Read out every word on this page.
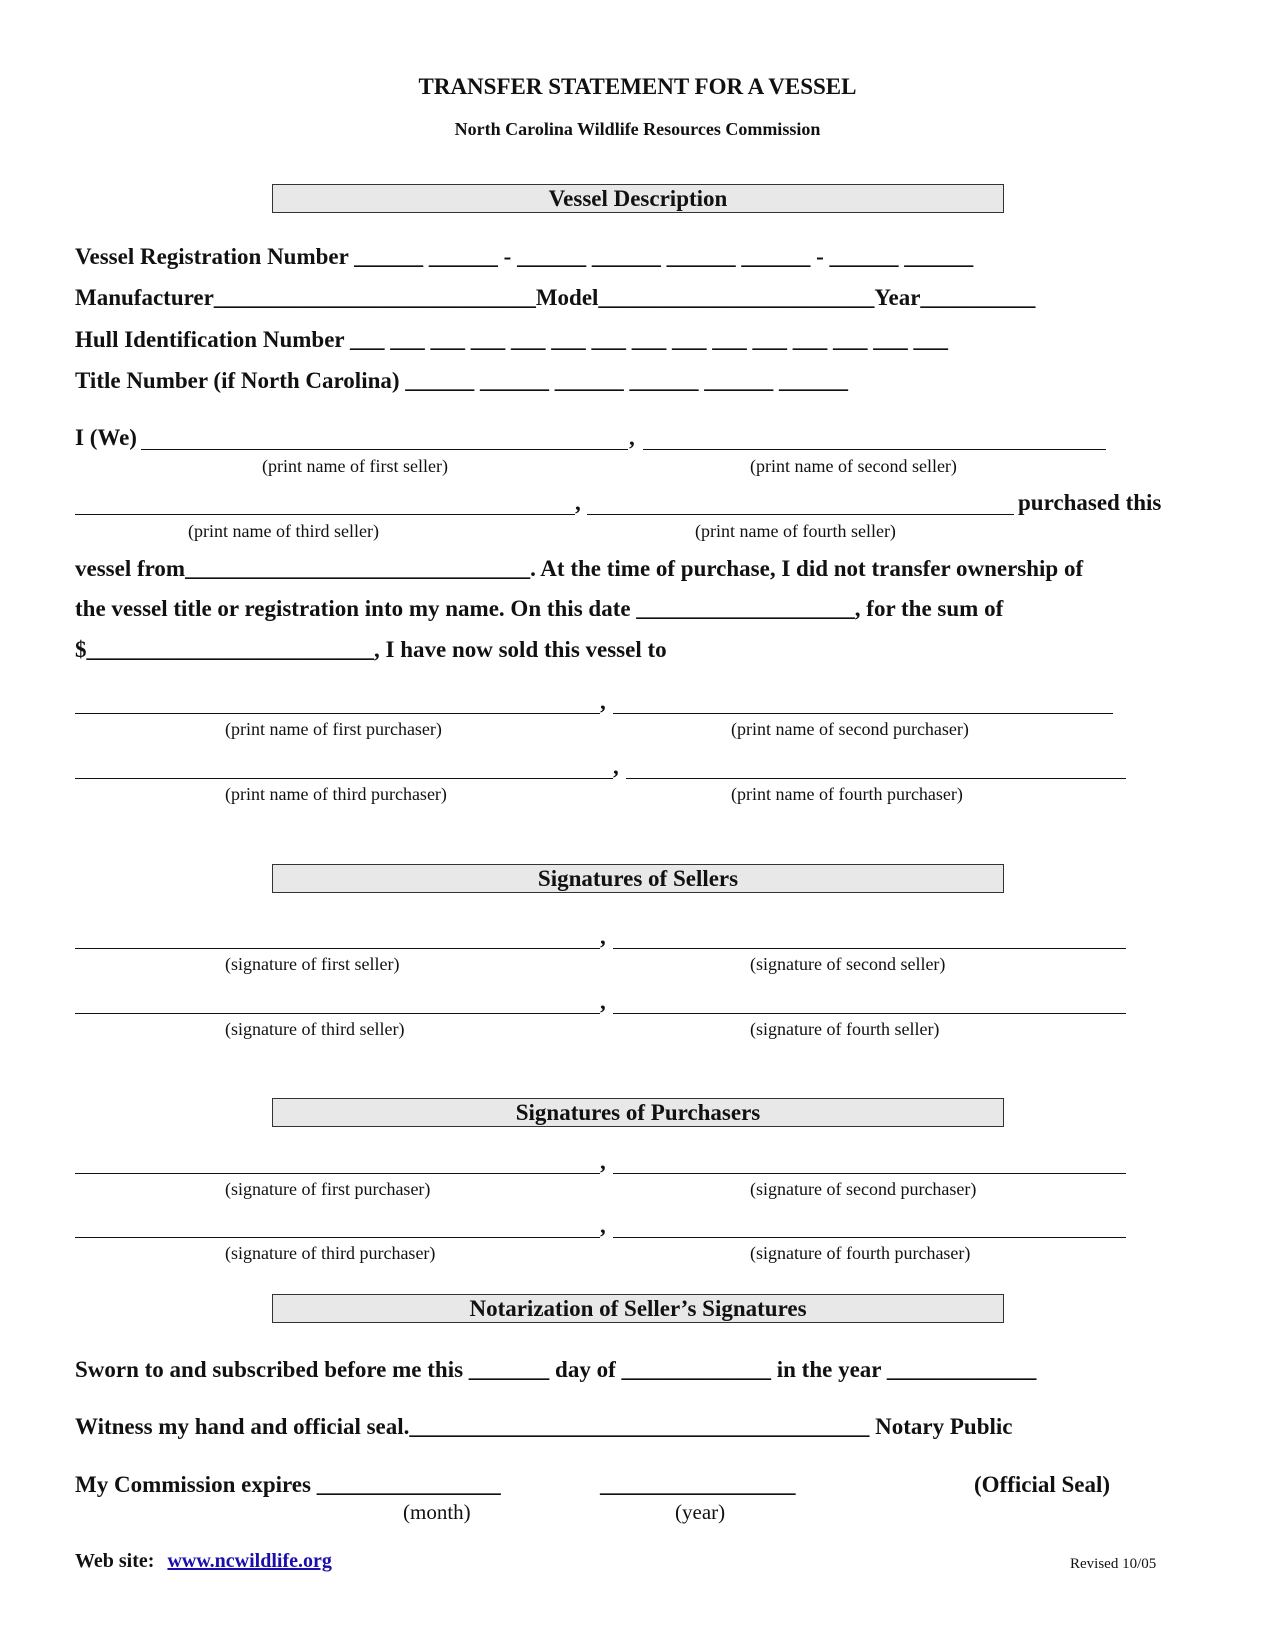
TRANSFER STATEMENT FOR A VESSEL
North Carolina Wildlife Resources Commission
Vessel Description
Vessel Registration Number ______ ______ - ______ ______ ______ ______ - ______ ______
Manufacturer____________________________Model________________________Year__________
Hull Identification Number ___ ___ ___ ___ ___ ___ ___ ___ ___ ___ ___ ___ ___ ___ ___
Title Number (if North Carolina) ______ ______ ______ ______ ______ ______
I (We)	,
(print name of first seller)	(print name of second seller)
,	purchased this
(print name of third seller)	(print name of fourth seller)
vessel from______________________________. At the time of purchase, I did not transfer ownership of
the vessel title or registration into my name. On this date ___________________, for the sum of
$_________________________, I have now sold this vessel to
,
(print name of first purchaser)	(print name of second purchaser)
,
(print name of third purchaser)	(print name of fourth purchaser)
Signatures of Sellers
,
(signature of first seller)	(signature of second seller)
,
(signature of third seller)	(signature of fourth seller)
Signatures of Purchasers
,
(signature of first purchaser)	(signature of second purchaser)
,
(signature of third purchaser)	(signature of fourth purchaser)
Notarization of Seller’s Signatures
Sworn to and subscribed before me this _______ day of _____________ in the year _____________
Witness my hand and official seal.________________________________________ Notary Public
My Commission expires ________________	_________________	(Official Seal)
(month)	(year)
Web site: www.ncwildlife.org	Revised 10/05
